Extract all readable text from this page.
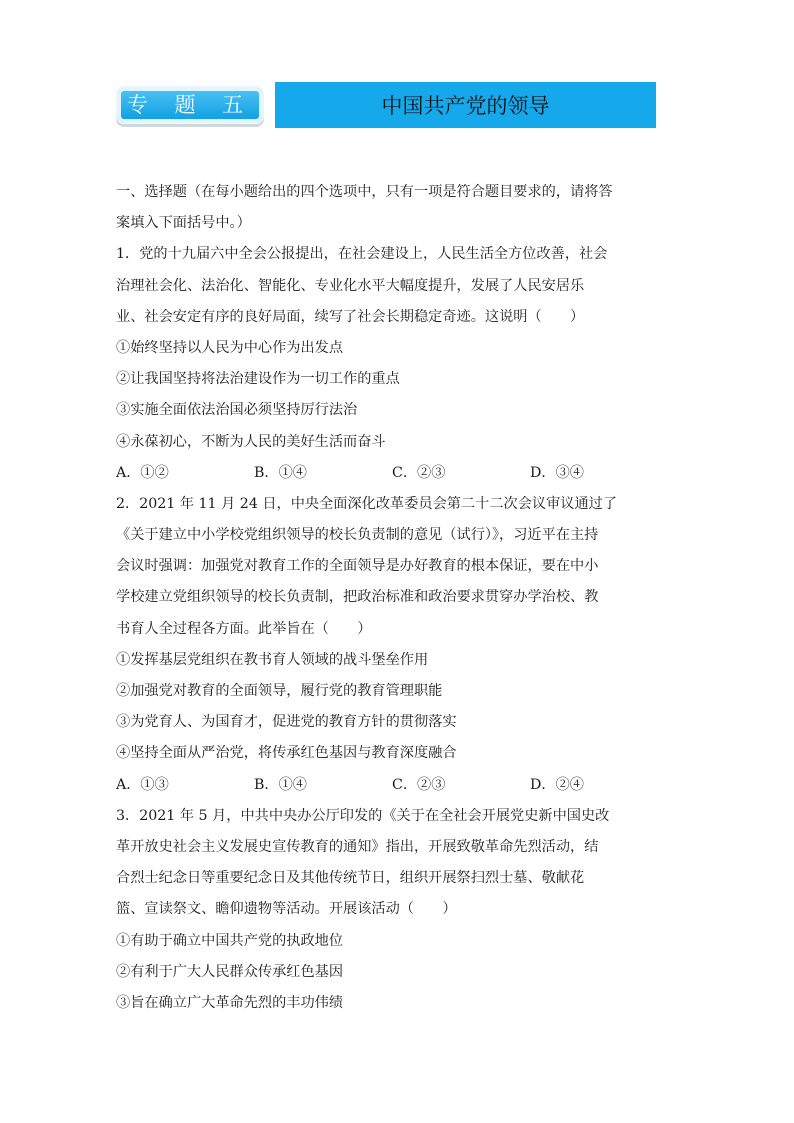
专 题 五	中国共产党的领导
一、选择题（在每小题给出的四个选项中，只有一项是符合题目要求的，请将答
案填入下面括号中。）
1．党的十九届六中全会公报提出，在社会建设上，人民生活全方位改善，社会
治理社会化、法治化、智能化、专业化水平大幅度提升，发展了人民安居乐
业、社会安定有序的良好局面，续写了社会长期稳定奇迹。这说明（　　）
①始终坚持以人民为中心作为出发点
②让我国坚持将法治建设作为一切工作的重点
③实施全面依法治国必须坚持厉行法治
④永葆初心，不断为人民的美好生活而奋斗
A．①②	B．①④	C．②③	D．③④
2．2021 年 11 月 24 日，中央全面深化改革委员会第二十二次会议审议通过了
《关于建立中小学校党组织领导的校长负责制的意见（试行）》，习近平在主持
会议时强调：加强党对教育工作的全面领导是办好教育的根本保证，要在中小
学校建立党组织领导的校长负责制，把政治标准和政治要求贯穿办学治校、教
书育人全过程各方面。此举旨在（　　）
①发挥基层党组织在教书育人领域的战斗堡垒作用
②加强党对教育的全面领导，履行党的教育管理职能
③为党育人、为国育才，促进党的教育方针的贯彻落实
④坚持全面从严治党，将传承红色基因与教育深度融合
A．①③	B．①④	C．②③	D．②④
3．2021 年 5 月，中共中央办公厅印发的《关于在全社会开展党史新中国史改
革开放史社会主义发展史宣传教育的通知》指出，开展致敬革命先烈活动，结
合烈士纪念日等重要纪念日及其他传统节日，组织开展祭扫烈士墓、敬献花
篮、宣读祭文、瞻仰遗物等活动。开展该活动（　　）
①有助于确立中国共产党的执政地位
②有利于广大人民群众传承红色基因
③旨在确立广大革命先烈的丰功伟绩
